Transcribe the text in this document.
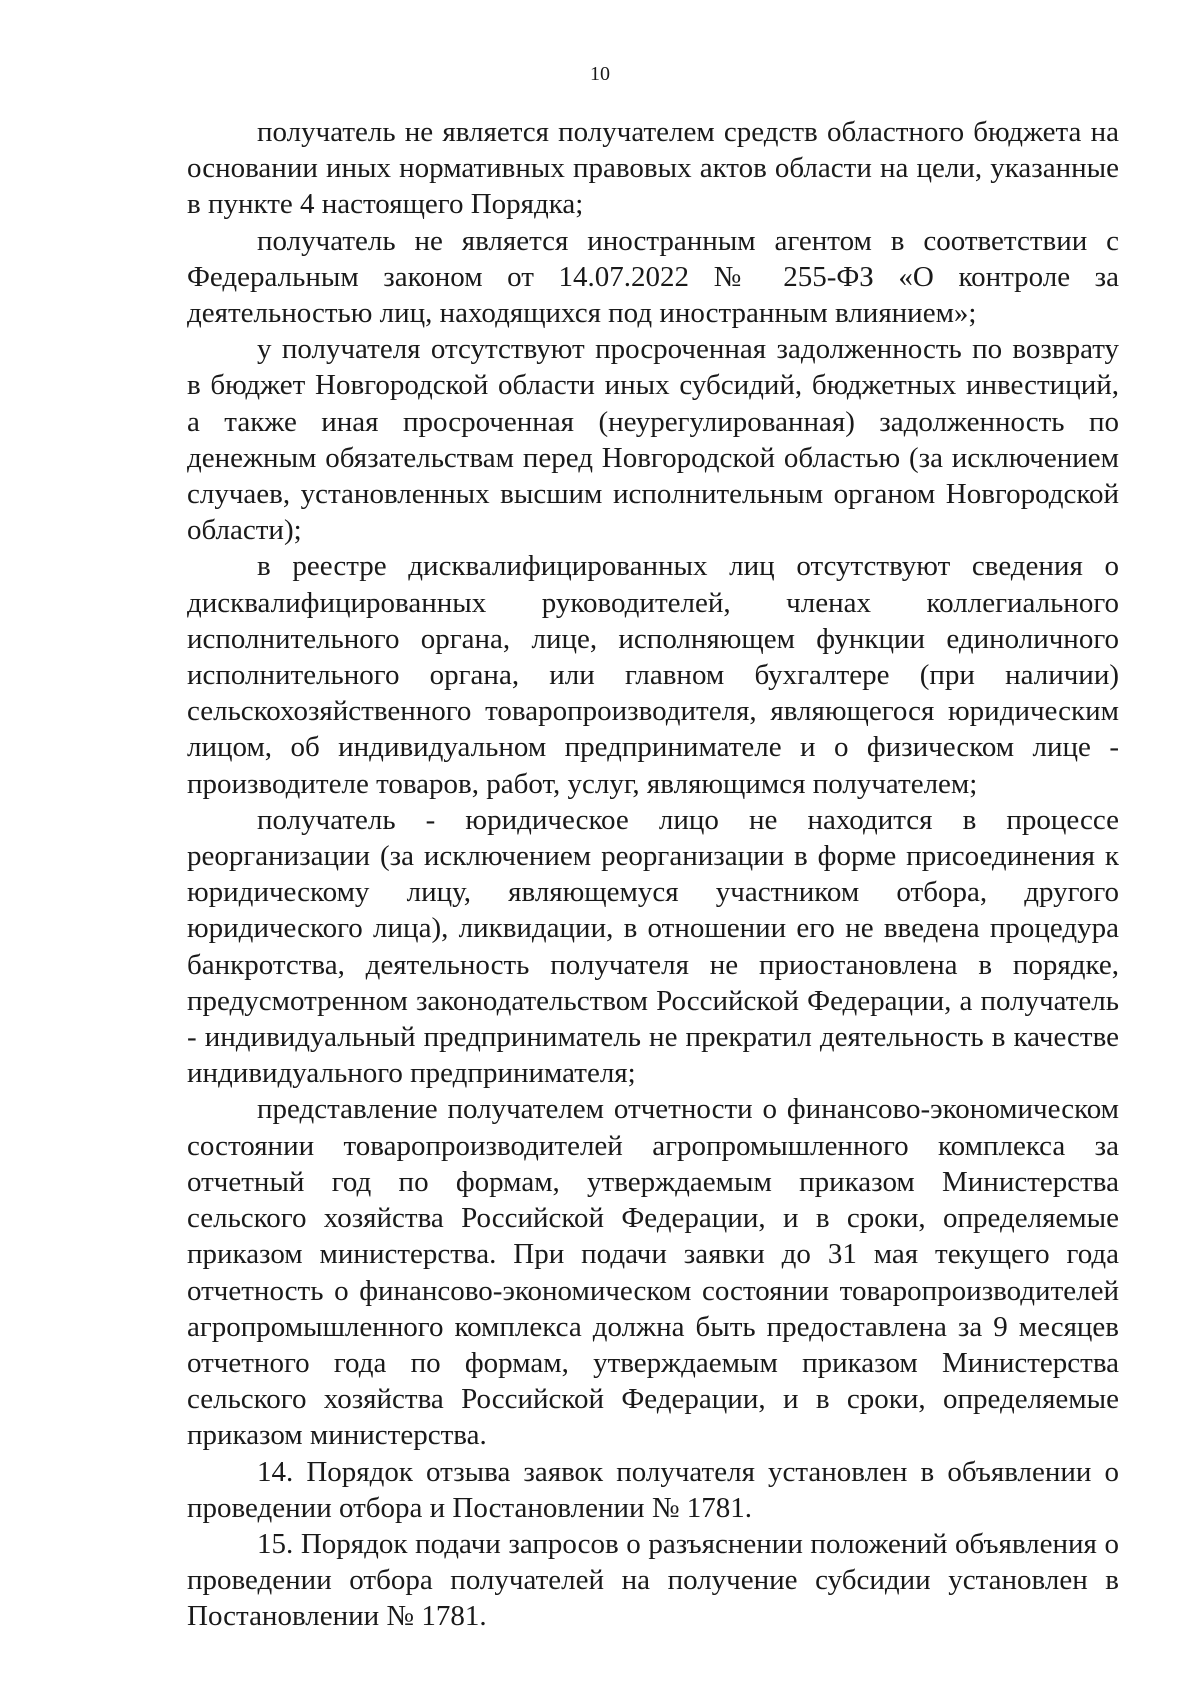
10

получатель не является получателем средств областного бюджета на основании иных нормативных правовых актов области на цели, указанные в пункте 4 настоящего Порядка;

получатель не является иностранным агентом в соответствии с Федеральным законом от 14.07.2022 № 255-ФЗ «О контроле за деятельностью лиц, находящихся под иностранным влиянием»;

у получателя отсутствуют просроченная задолженность по возврату в бюджет Новгородской области иных субсидий, бюджетных инвестиций, а также иная просроченная (неурегулированная) задолженность по денежным обязательствам перед Новгородской областью (за исключением случаев, установленных высшим исполнительным органом Новгородской области);

в реестре дисквалифицированных лиц отсутствуют сведения о дисквалифицированных руководителей, членах коллегиального исполнительного органа, лице, исполняющем функции единоличного исполнительного органа, или главном бухгалтере (при наличии) сельскохозяйственного товаропроизводителя, являющегося юридическим лицом, об индивидуальном предпринимателе и о физическом лице - производителе товаров, работ, услуг, являющимся получателем;

получатель - юридическое лицо не находится в процессе реорганизации (за исключением реорганизации в форме присоединения к юридическому лицу, являющемуся участником отбора, другого юридического лица), ликвидации, в отношении его не введена процедура банкротства, деятельность получателя не приостановлена в порядке, предусмотренном законодательством Российской Федерации, а получатель - индивидуальный предприниматель не прекратил деятельность в качестве индивидуального предпринимателя;

представление получателем отчетности о финансово-экономическом состоянии товаропроизводителей агропромышленного комплекса за отчетный год по формам, утверждаемым приказом Министерства сельского хозяйства Российской Федерации, и в сроки, определяемые приказом министерства. При подачи заявки до 31 мая текущего года отчетность о финансово-экономическом состоянии товаропроизводителей агропромышленного комплекса должна быть предоставлена за 9 месяцев отчетного года по формам, утверждаемым приказом Министерства сельского хозяйства Российской Федерации, и в сроки, определяемые приказом министерства.

14. Порядок отзыва заявок получателя установлен в объявлении о проведении отбора и Постановлении № 1781.

15. Порядок подачи запросов о разъяснении положений объявления о проведении отбора получателей на получение субсидии установлен в Постановлении № 1781.
